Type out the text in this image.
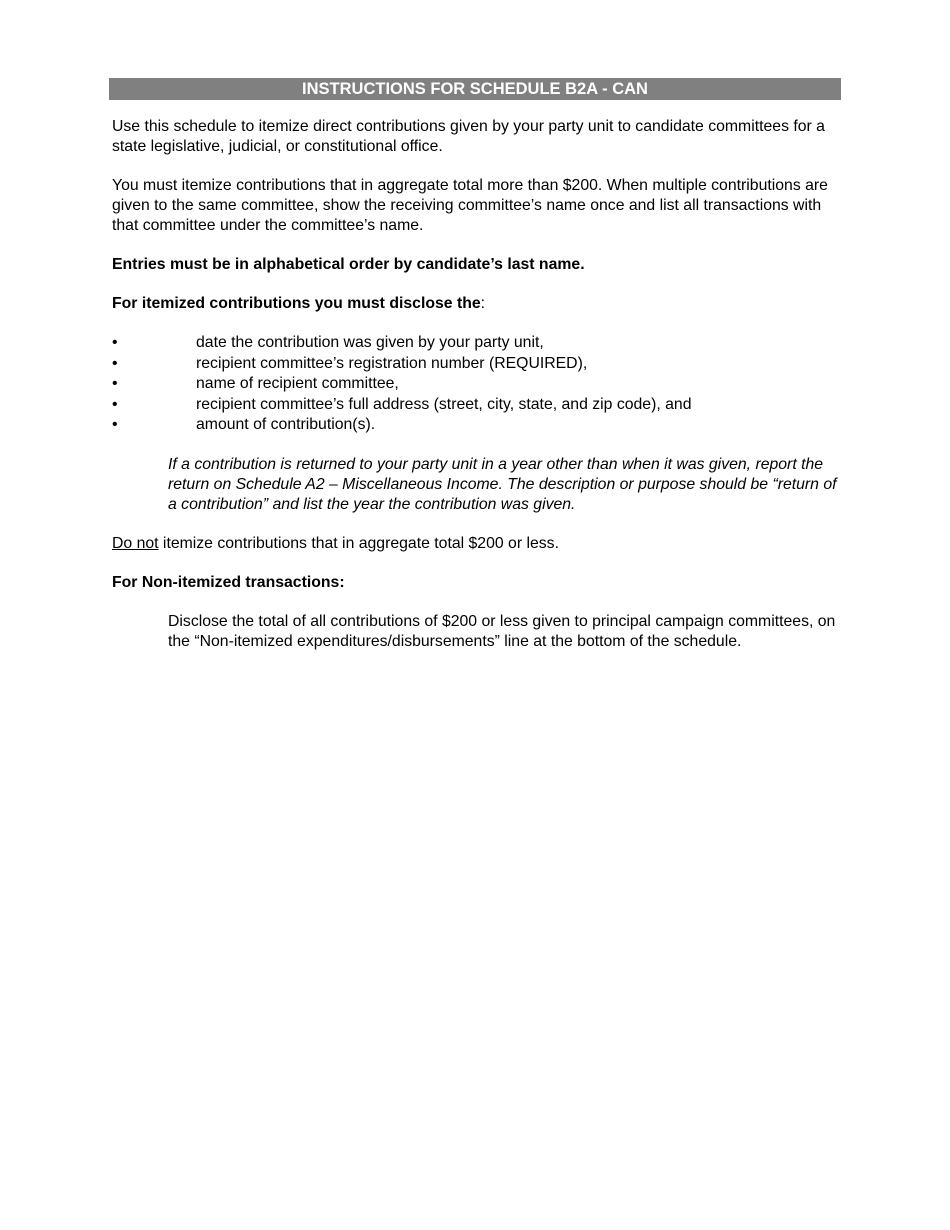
INSTRUCTIONS FOR SCHEDULE B2A - CAN

Use this schedule to itemize direct contributions given by your party unit to candidate committees for a state legislative, judicial, or constitutional office.

You must itemize contributions that in aggregate total more than $200. When multiple contributions are given to the same committee, show the receiving committee’s name once and list all transactions with that committee under the committee’s name.

Entries must be in alphabetical order by candidate’s last name.

For itemized contributions you must disclose the:

•	date the contribution was given by your party unit,
•	recipient committee’s registration number (REQUIRED),
•	name of recipient committee,
•	recipient committee’s full address (street, city, state, and zip code), and
•	amount of contribution(s).

If a contribution is returned to your party unit in a year other than when it was given, report the return on Schedule A2 – Miscellaneous Income. The description or purpose should be “return of a contribution” and list the year the contribution was given.

Do not itemize contributions that in aggregate total $200 or less.

For Non-itemized transactions:

Disclose the total of all contributions of $200 or less given to principal campaign committees, on the “Non-itemized expenditures/disbursements” line at the bottom of the schedule.
